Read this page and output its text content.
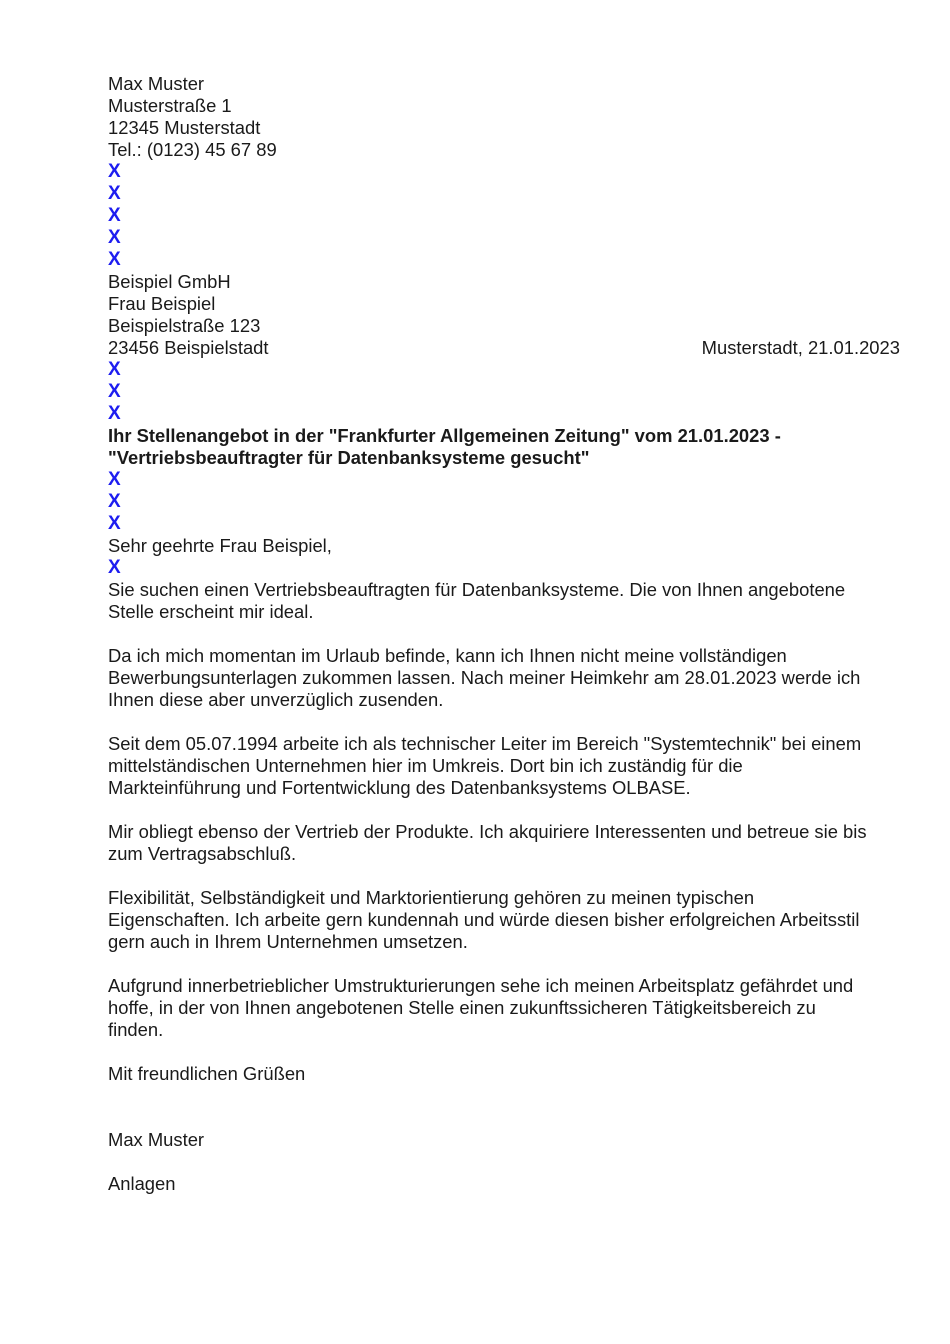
Max Muster
Musterstraße 1
12345 Musterstadt
Tel.: (0123) 45 67 89
X
X
X
X
X
Beispiel GmbH
Frau Beispiel
Beispielstraße 123
23456 Beispielstadt	Musterstadt, 21.01.2023
X
X
X
Ihr Stellenangebot in der "Frankfurter Allgemeinen Zeitung" vom 21.01.2023 -
"Vertriebsbeauftragter für Datenbanksysteme gesucht"
X
X
X
Sehr geehrte Frau Beispiel,
X

Sie suchen einen Vertriebsbeauftragten für Datenbanksysteme. Die von Ihnen angebotene
Stelle erscheint mir ideal.

Da ich mich momentan im Urlaub befinde, kann ich Ihnen nicht meine vollständigen
Bewerbungsunterlagen zukommen lassen. Nach meiner Heimkehr am 28.01.2023 werde ich
Ihnen diese aber unverzüglich zusenden.

Seit dem 05.07.1994 arbeite ich als technischer Leiter im Bereich "Systemtechnik" bei einem
mittelständischen Unternehmen hier im Umkreis. Dort bin ich zuständig für die
Markteinführung und Fortentwicklung des Datenbanksystems OLBASE.

Mir obliegt ebenso der Vertrieb der Produkte. Ich akquiriere Interessenten und betreue sie bis
zum Vertragsabschluß.

Flexibilität, Selbständigkeit und Marktorientierung gehören zu meinen typischen
Eigenschaften. Ich arbeite gern kundennah und würde diesen bisher erfolgreichen Arbeitsstil
gern auch in Ihrem Unternehmen umsetzen.

Aufgrund innerbetrieblicher Umstrukturierungen sehe ich meinen Arbeitsplatz gefährdet und
hoffe, in der von Ihnen angebotenen Stelle einen zukunftssicheren Tätigkeitsbereich zu
finden.

Mit freundlichen Grüßen
Max Muster
Anlagen
